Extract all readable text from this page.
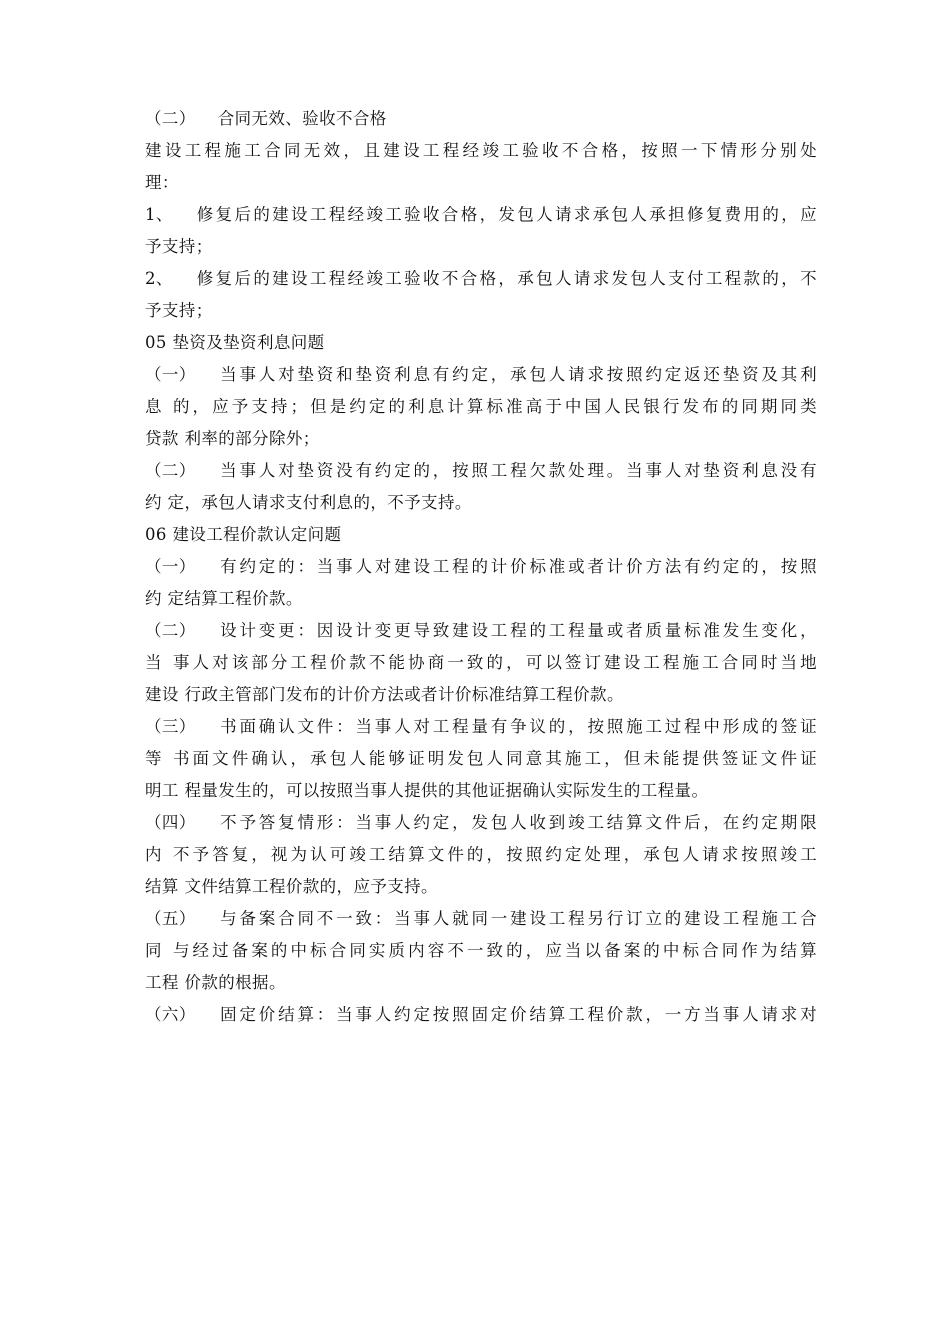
（二） 合同无效、验收不合格
建设工程施工合同无效，且建设工程经竣工验收不合格，按照一下情形分别处
理：
1、 修复后的建设工程经竣工验收合格，发包人请求承包人承担修复费用的，应
予支持；
2、 修复后的建设工程经竣工验收不合格，承包人请求发包人支付工程款的，不
予支持；
05 垫资及垫资利息问题
（一） 当事人对垫资和垫资利息有约定，承包人请求按照约定返还垫资及其利
息 的，应予支持；但是约定的利息计算标准高于中国人民银行发布的同期同类
贷款 利率的部分除外；
（二） 当事人对垫资没有约定的，按照工程欠款处理。当事人对垫资利息没有
约 定，承包人请求支付利息的，不予支持。
06 建设工程价款认定问题
（一） 有约定的：当事人对建设工程的计价标准或者计价方法有约定的，按照
约 定结算工程价款。
（二） 设计变更：因设计变更导致建设工程的工程量或者质量标准发生变化，
当 事人对该部分工程价款不能协商一致的，可以签订建设工程施工合同时当地
建设 行政主管部门发布的计价方法或者计价标准结算工程价款。
（三） 书面确认文件：当事人对工程量有争议的，按照施工过程中形成的签证
等 书面文件确认，承包人能够证明发包人同意其施工，但未能提供签证文件证
明工 程量发生的，可以按照当事人提供的其他证据确认实际发生的工程量。
（四） 不予答复情形：当事人约定，发包人收到竣工结算文件后，在约定期限
内 不予答复，视为认可竣工结算文件的，按照约定处理，承包人请求按照竣工
结算 文件结算工程价款的，应予支持。
（五） 与备案合同不一致：当事人就同一建设工程另行订立的建设工程施工合
同 与经过备案的中标合同实质内容不一致的，应当以备案的中标合同作为结算
工程 价款的根据。
（六） 固定价结算：当事人约定按照固定价结算工程价款，一方当事人请求对
